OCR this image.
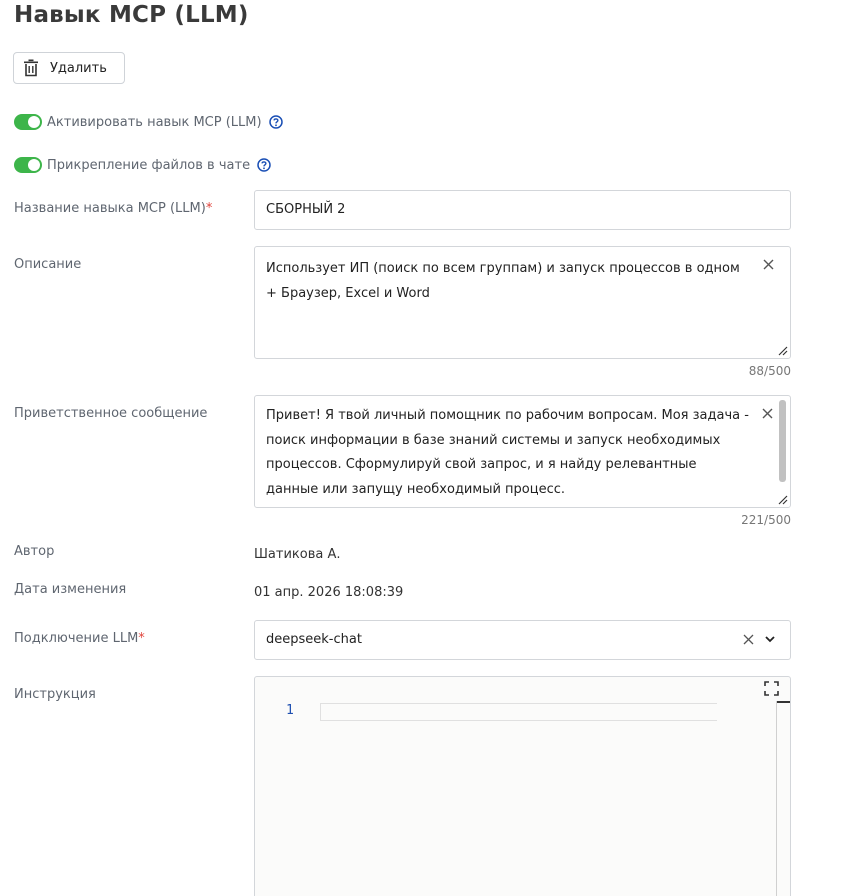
Навык MCP (LLM)
Удалить
Активировать навык MCP (LLM)
Прикрепление файлов в чате
Название навыка MCP (LLM)*	СБОРНЫЙ 2
Описание	Использует ИП (поиск по всем группам) и запуск процессов в одном + Браузер, Excel и Word
88/500
Приветственное сообщение	Привет! Я твой личный помощник по рабочим вопросам. Моя задача - поиск информации в базе знаний системы и запуск необходимых процессов. Сформулируй свой запрос, и я найду релевантные данные или запущу необходимый процесс.
221/500
Автор	Шатикова А.
Дата изменения	01 апр. 2026 18:08:39
Подключение LLM*	deepseek-chat
Инструкция
1
